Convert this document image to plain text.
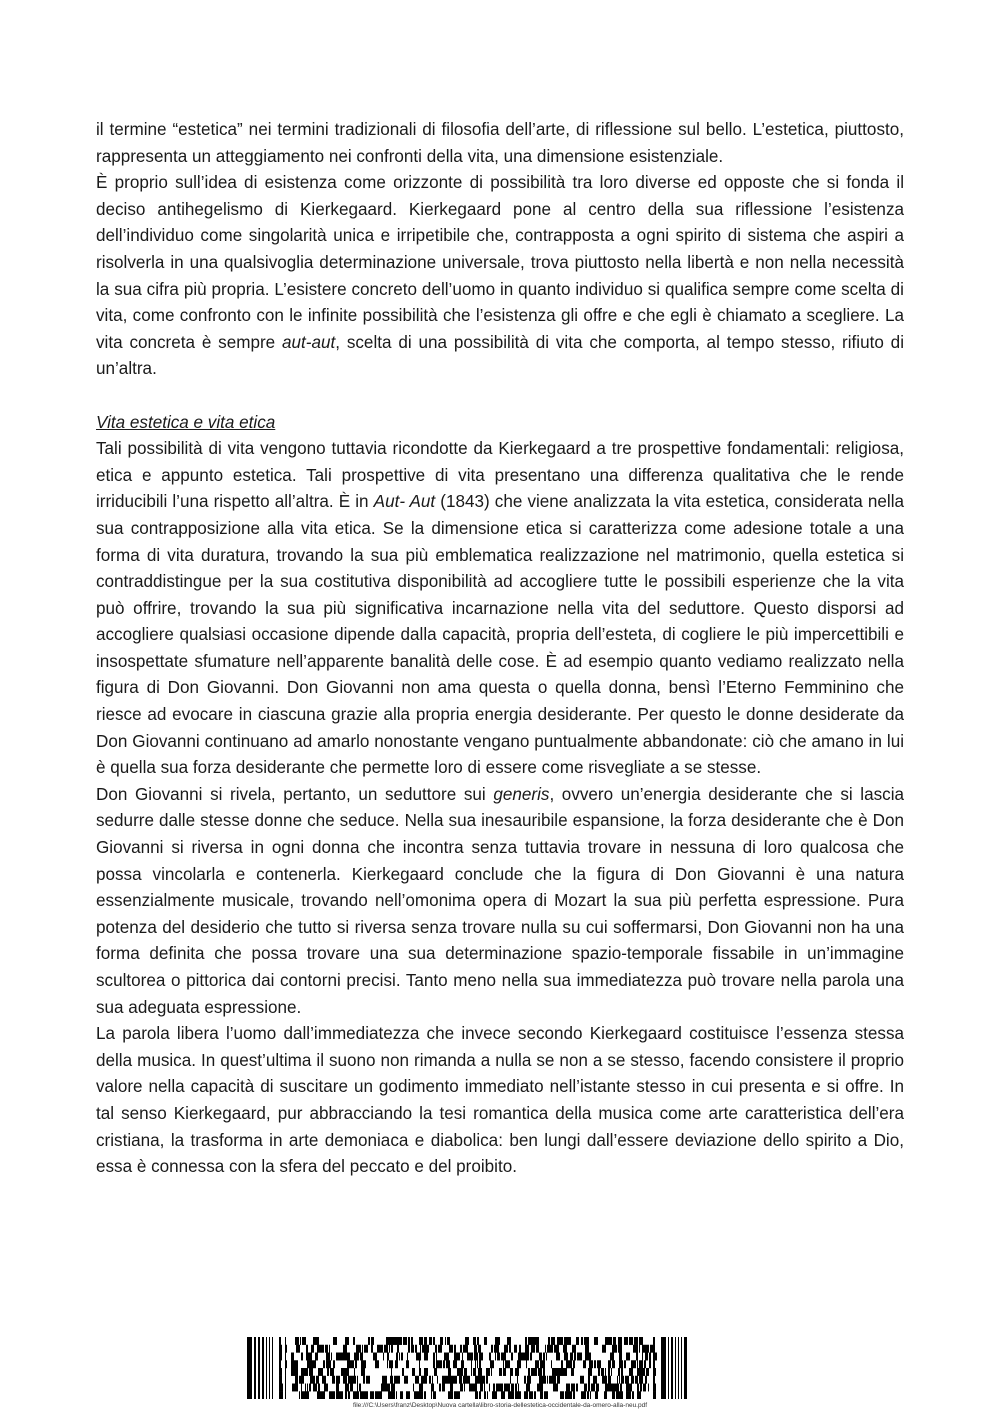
il termine “estetica” nei termini tradizionali di filosofia dell’arte, di riflessione sul bello. L’estetica, piuttosto, rappresenta un atteggiamento nei confronti della vita, una dimensione esistenziale.

È proprio sull’idea di esistenza come orizzonte di possibilità tra loro diverse ed opposte che si fonda il deciso antihegelismo di Kierkegaard. Kierkegaard pone al centro della sua riflessione l’esistenza dell’individuo come singolarità unica e irripetibile che, contrapposta a ogni spirito di sistema che aspiri a risolverla in una qualsivoglia determinazione universale, trova piuttosto nella libertà e non nella necessità la sua cifra più propria. L’esistere concreto dell’uomo in quanto individuo si qualifica sempre come scelta di vita, come confronto con le infinite possibilità che l’esistenza gli offre e che egli è chiamato a scegliere. La vita concreta è sempre aut-aut, scelta di una possibilità di vita che comporta, al tempo stesso, rifiuto di un’altra.

Vita estetica e vita etica

Tali possibilità di vita vengono tuttavia ricondotte da Kierkegaard a tre prospettive fondamentali: religiosa, etica e appunto estetica. Tali prospettive di vita presentano una differenza qualitativa che le rende irriducibili l’una rispetto all’altra. È in Aut- Aut (1843) che viene analizzata la vita estetica, considerata nella sua contrapposizione alla vita etica. Se la dimensione etica si caratterizza come adesione totale a una forma di vita duratura, trovando la sua più emblematica realizzazione nel matrimonio, quella estetica si contraddistingue per la sua costitutiva disponibilità ad accogliere tutte le possibili esperienze che la vita può offrire, trovando la sua più significativa incarnazione nella vita del seduttore. Questo disporsi ad accogliere qualsiasi occasione dipende dalla capacità, propria dell’esteta, di cogliere le più impercettibili e insospettate sfumature nell’apparente banalità delle cose. È ad esempio quanto vediamo realizzato nella figura di Don Giovanni. Don Giovanni non ama questa o quella donna, bensì l’Eterno Femminino che riesce ad evocare in ciascuna grazie alla propria energia desiderante. Per questo le donne desiderate da Don Giovanni continuano ad amarlo nonostante vengano puntualmente abbandonate: ciò che amano in lui è quella sua forza desiderante che permette loro di essere come risvegliate a se stesse.

Don Giovanni si rivela, pertanto, un seduttore sui generis, ovvero un’energia desiderante che si lascia sedurre dalle stesse donne che seduce. Nella sua inesauribile espansione, la forza desiderante che è Don Giovanni si riversa in ogni donna che incontra senza tuttavia trovare in nessuna di loro qualcosa che possa vincolarla e contenerla. Kierkegaard conclude che la figura di Don Giovanni è una natura essenzialmente musicale, trovando nell’omonima opera di Mozart la sua più perfetta espressione. Pura potenza del desiderio che tutto si riversa senza trovare nulla su cui soffermarsi, Don Giovanni non ha una forma definita che possa trovare una sua determinazione spazio-temporale fissabile in un’immagine scultorea o pittorica dai contorni precisi. Tanto meno nella sua immediatezza può trovare nella parola una sua adeguata espressione.

La parola libera l’uomo dall’immediatezza che invece secondo Kierkegaard costituisce l’essenza stessa della musica. In quest’ultima il suono non rimanda a nulla se non a se stesso, facendo consistere il proprio valore nella capacità di suscitare un godimento immediato nell’istante stesso in cui presenta e si offre. In tal senso Kierkegaard, pur abbracciando la tesi romantica della musica come arte caratteristica dell’era cristiana, la trasforma in arte demoniaca e diabolica: ben lungi dall’essere deviazione dello spirito a Dio, essa è connessa con la sfera del peccato e del proibito.

file:///C:\Users\franz\Desktop\Nuova cartella\libro-storia-dellestetica-occidentale-da-omero-alla-neu.pdf
